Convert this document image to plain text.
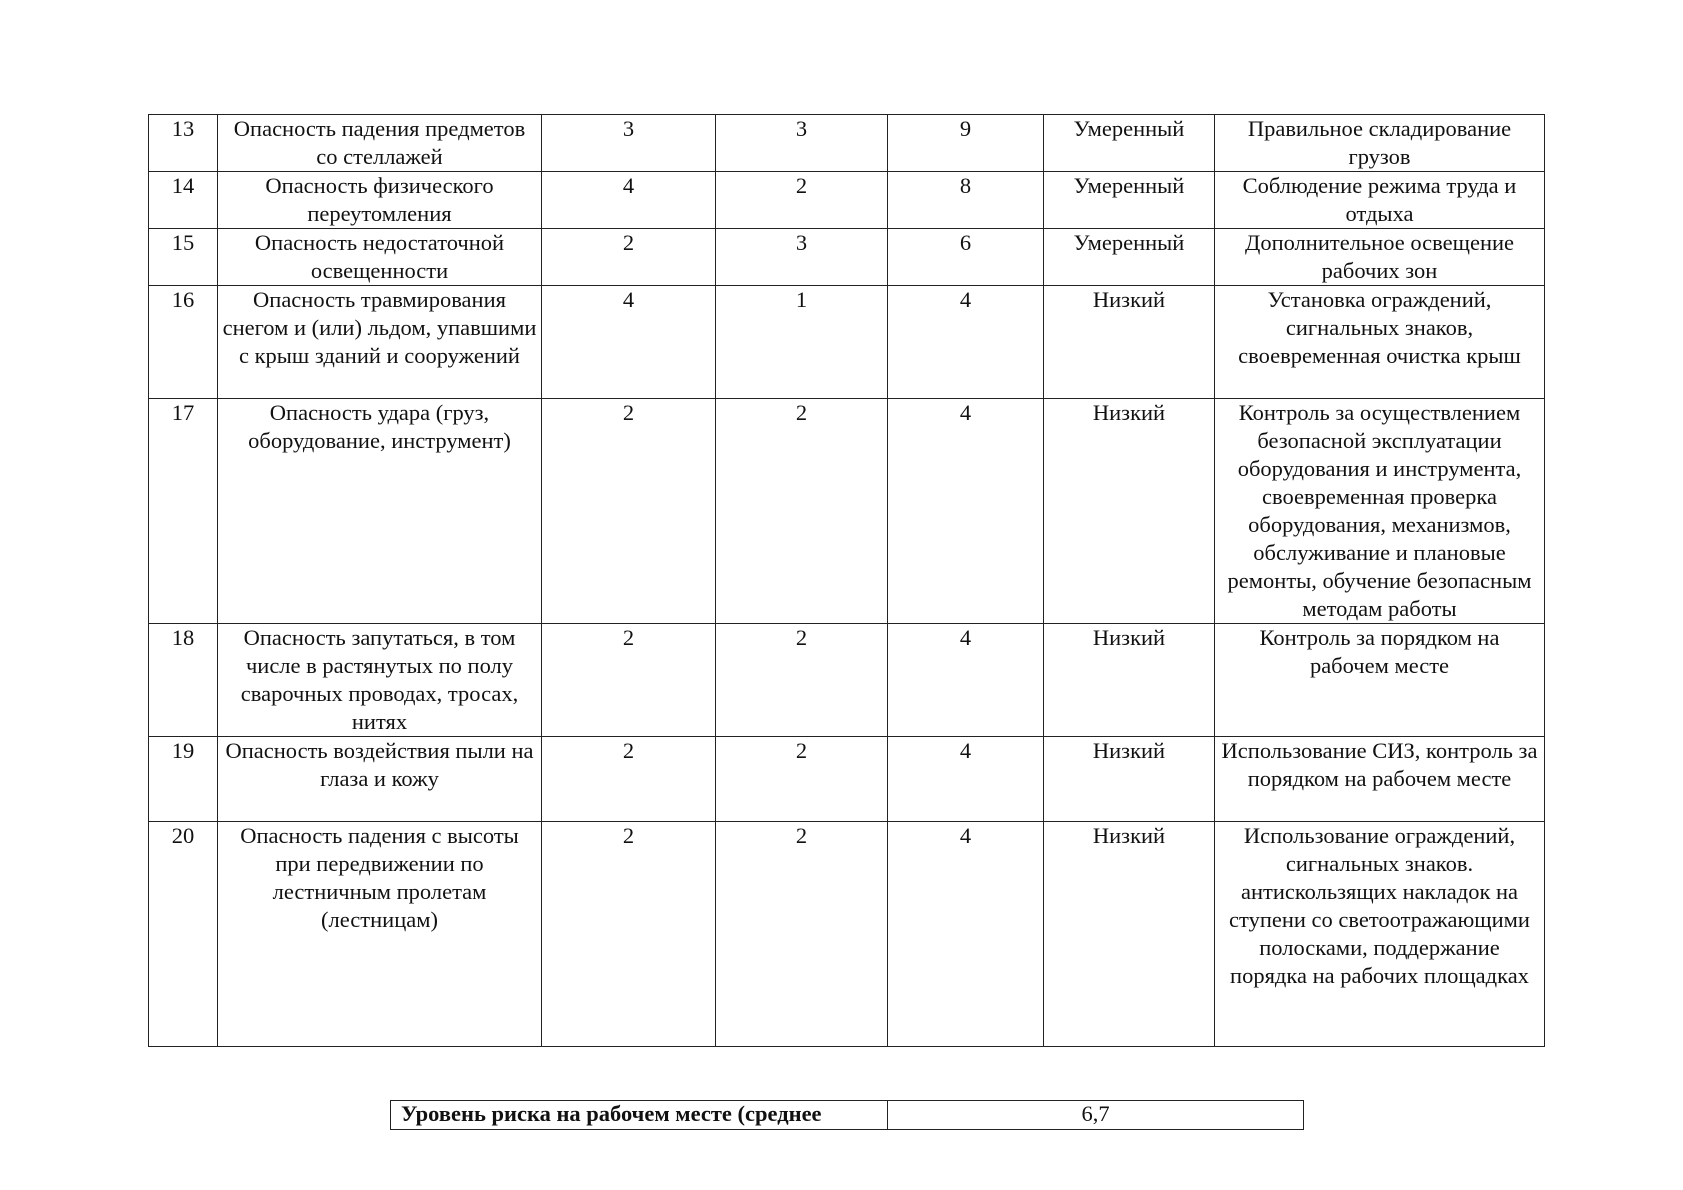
13	Опасность падения предметов со стеллажей	3	3	9	Умеренный	Правильное складирование грузов
14	Опасность физического переутомления	4	2	8	Умеренный	Соблюдение режима труда и отдыха
15	Опасность недостаточной освещенности	2	3	6	Умеренный	Дополнительное освещение рабочих зон
16	Опасность травмирования снегом и (или) льдом, упавшими с крыш зданий и сооружений	4	1	4	Низкий	Установка ограждений, сигнальных знаков, своевременная очистка крыш
17	Опасность удара (груз, оборудование, инструмент)	2	2	4	Низкий	Контроль за осуществлением безопасной эксплуатации оборудования и инструмента, своевременная проверка оборудования, механизмов, обслуживание и плановые ремонты, обучение безопасным методам работы
18	Опасность запутаться, в том числе в растянутых по полу сварочных проводах, тросах, нитях	2	2	4	Низкий	Контроль за порядком на рабочем месте
19	Опасность воздействия пыли на глаза и кожу	2	2	4	Низкий	Использование СИЗ, контроль за порядком на рабочем месте
20	Опасность падения с высоты при передвижении по лестничным пролетам (лестницам)	2	2	4	Низкий	Использование ограждений, сигнальных знаков. антискользящих накладок на ступени со светоотражающими полосками, поддержание порядка на рабочих площадках
Уровень риска на рабочем месте (среднее	6,7
